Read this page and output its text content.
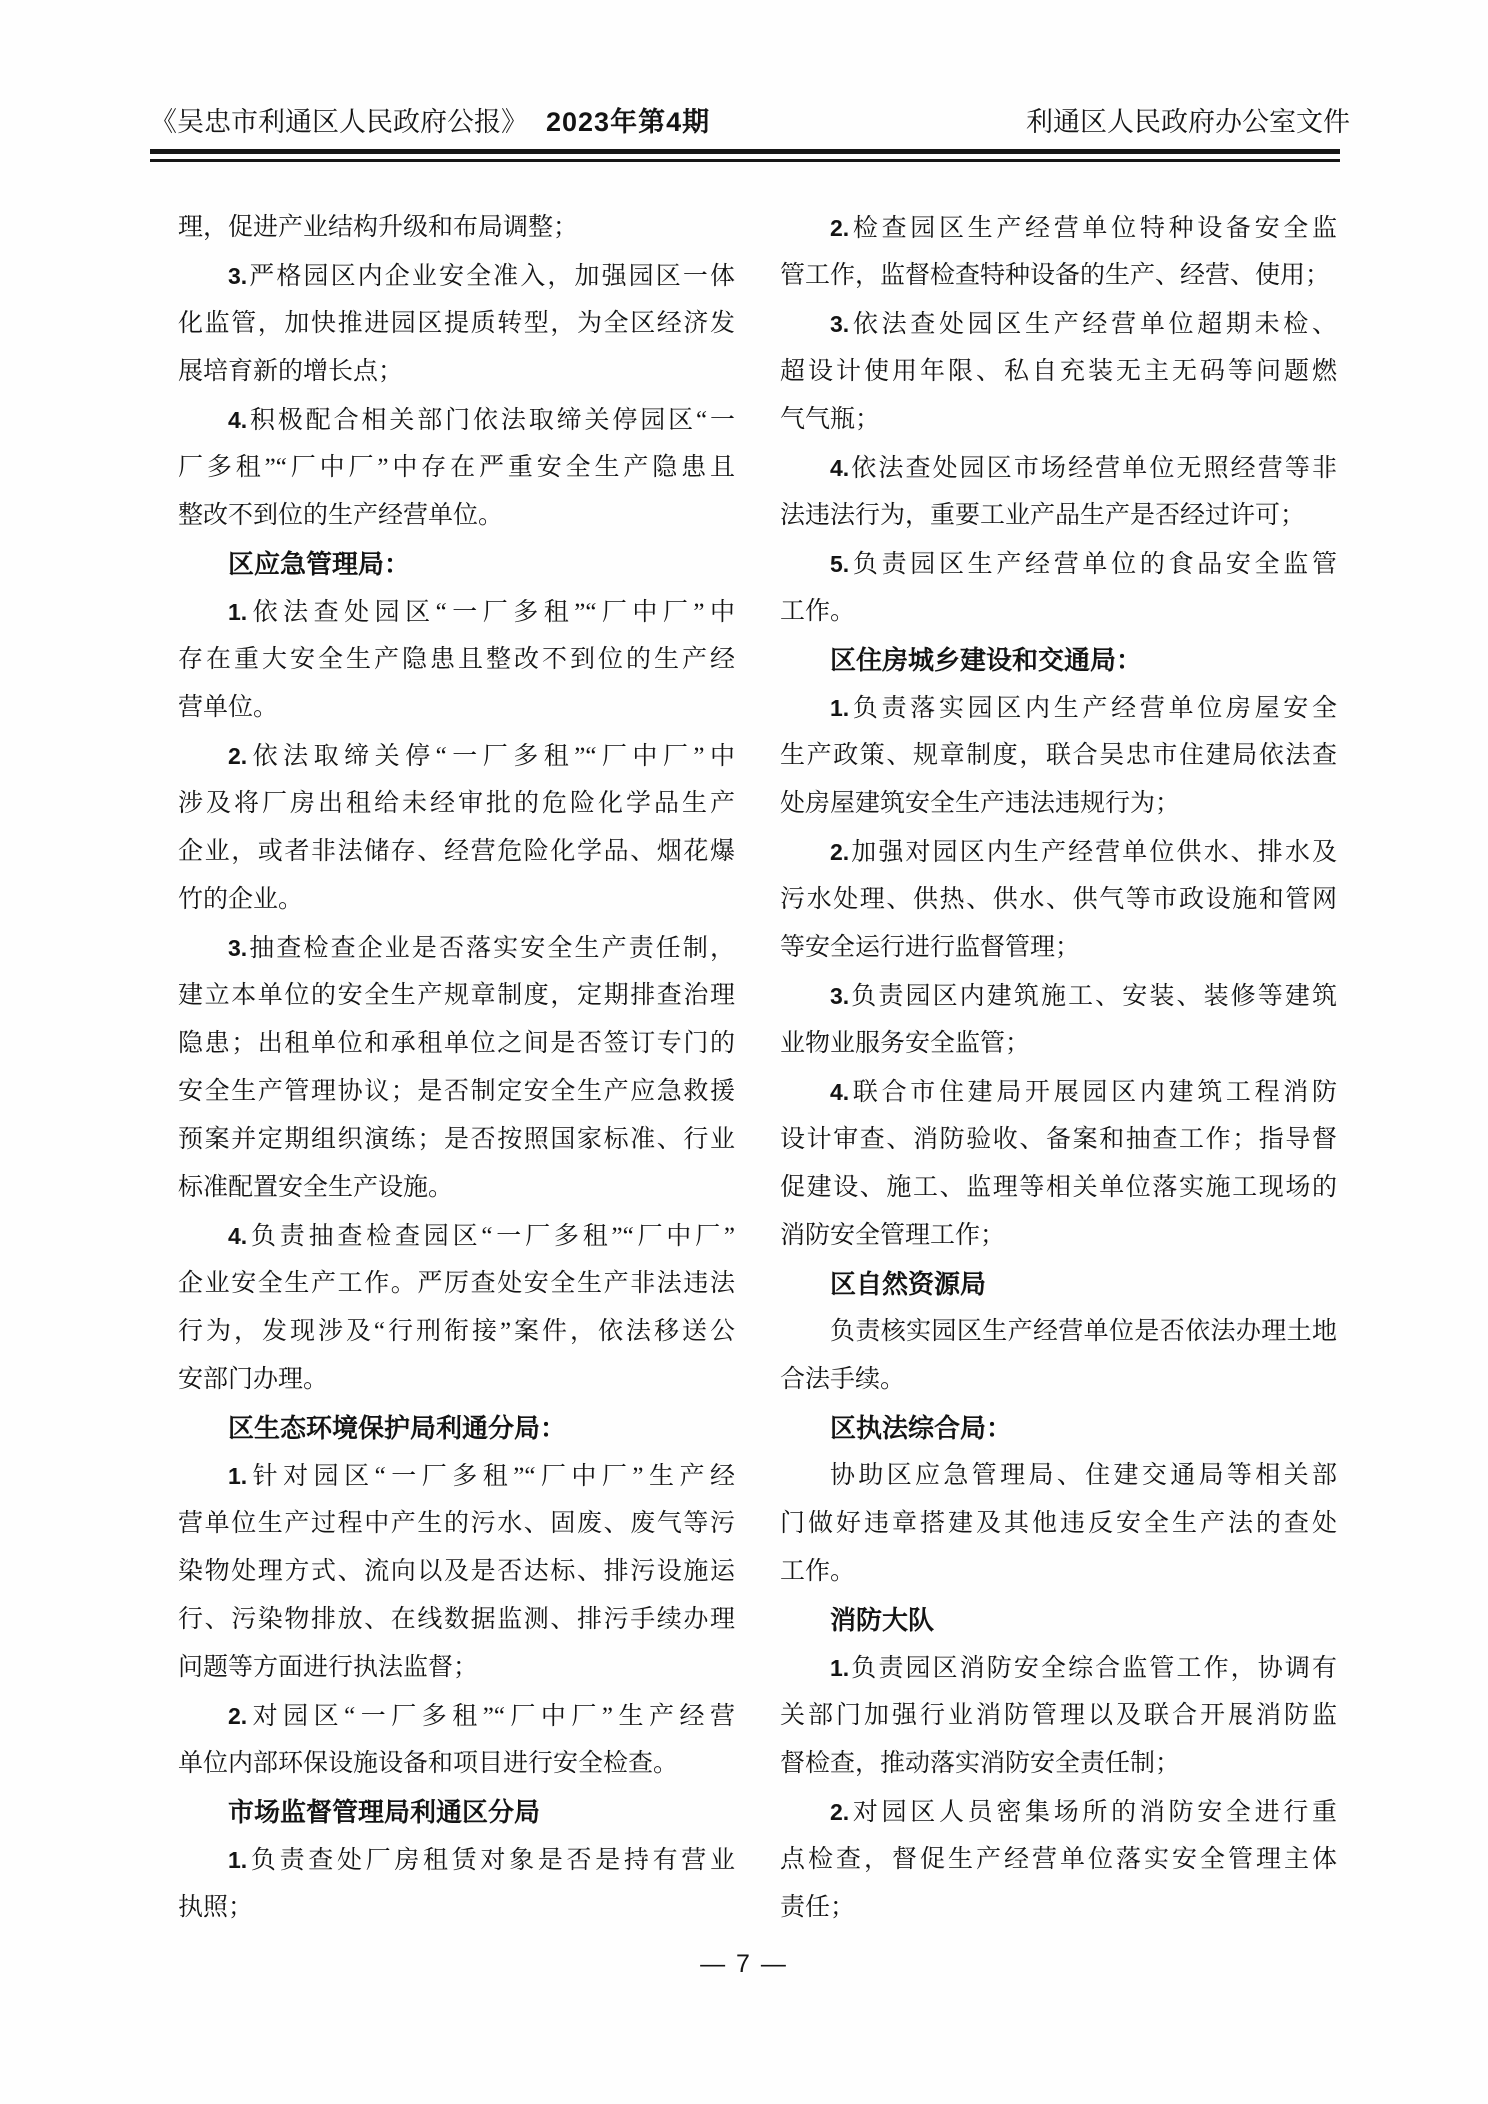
《吴忠市利通区人民政府公报》 2023年第4期	利通区人民政府办公室文件
理，促进产业结构升级和布局调整；
3.严格园区内企业安全准入，加强园区一体
化监管，加快推进园区提质转型，为全区经济发
展培育新的增长点；
4.积极配合相关部门依法取缔关停园区“一
厂多租”“厂中厂”中存在严重安全生产隐患且
整改不到位的生产经营单位。
区应急管理局：
1.依法查处园区“一厂多租”“厂中厂”中
存在重大安全生产隐患且整改不到位的生产经
营单位。
2.依法取缔关停“一厂多租”“厂中厂”中
涉及将厂房出租给未经审批的危险化学品生产
企业，或者非法储存、经营危险化学品、烟花爆
竹的企业。
3.抽查检查企业是否落实安全生产责任制，
建立本单位的安全生产规章制度，定期排查治理
隐患；出租单位和承租单位之间是否签订专门的
安全生产管理协议；是否制定安全生产应急救援
预案并定期组织演练；是否按照国家标准、行业
标准配置安全生产设施。
4.负责抽查检查园区“一厂多租”“厂中厂”
企业安全生产工作。严厉查处安全生产非法违法
行为，发现涉及“行刑衔接”案件，依法移送公
安部门办理。
区生态环境保护局利通分局：
1.针对园区“一厂多租”“厂中厂”生产经
营单位生产过程中产生的污水、固废、废气等污
染物处理方式、流向以及是否达标、排污设施运
行、污染物排放、在线数据监测、排污手续办理
问题等方面进行执法监督；
2.对园区“一厂多租”“厂中厂”生产经营
单位内部环保设施设备和项目进行安全检查。
市场监督管理局利通区分局
1.负责查处厂房租赁对象是否是持有营业
执照；
2.检查园区生产经营单位特种设备安全监
管工作，监督检查特种设备的生产、经营、使用；
3.依法查处园区生产经营单位超期未检、
超设计使用年限、私自充装无主无码等问题燃
气气瓶；
4.依法查处园区市场经营单位无照经营等非
法违法行为，重要工业产品生产是否经过许可；
5.负责园区生产经营单位的食品安全监管
工作。
区住房城乡建设和交通局：
1.负责落实园区内生产经营单位房屋安全
生产政策、规章制度，联合吴忠市住建局依法查
处房屋建筑安全生产违法违规行为；
2.加强对园区内生产经营单位供水、排水及
污水处理、供热、供水、供气等市政设施和管网
等安全运行进行监督管理；
3.负责园区内建筑施工、安装、装修等建筑
业物业服务安全监管；
4.联合市住建局开展园区内建筑工程消防
设计审查、消防验收、备案和抽查工作；指导督
促建设、施工、监理等相关单位落实施工现场的
消防安全管理工作；
区自然资源局
负责核实园区生产经营单位是否依法办理土地
合法手续。
区执法综合局：
协助区应急管理局、住建交通局等相关部
门做好违章搭建及其他违反安全生产法的查处
工作。
消防大队
1.负责园区消防安全综合监管工作，协调有
关部门加强行业消防管理以及联合开展消防监
督检查，推动落实消防安全责任制；
2.对园区人员密集场所的消防安全进行重
点检查，督促生产经营单位落实安全管理主体
责任；
— 7 —
